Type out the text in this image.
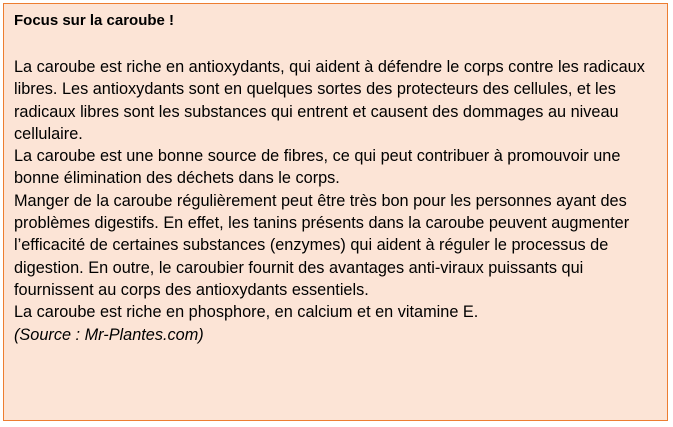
Focus sur la caroube !

La caroube est riche en antioxydants, qui aident à défendre le corps contre les radicaux libres. Les antioxydants sont en quelques sortes des protecteurs des cellules, et les radicaux libres sont les substances qui entrent et causent des dommages au niveau cellulaire.

La caroube est une bonne source de fibres, ce qui peut contribuer à promouvoir une bonne élimination des déchets dans le corps.

Manger de la caroube régulièrement peut être très bon pour les personnes ayant des problèmes digestifs. En effet, les tanins présents dans la caroube peuvent augmenter l’efficacité de certaines substances (enzymes) qui aident à réguler le processus de digestion. En outre, le caroubier fournit des avantages anti-viraux puissants qui fournissent au corps des antioxydants essentiels.

La caroube est riche en phosphore, en calcium et en vitamine E.

(Source : Mr-Plantes.com)
